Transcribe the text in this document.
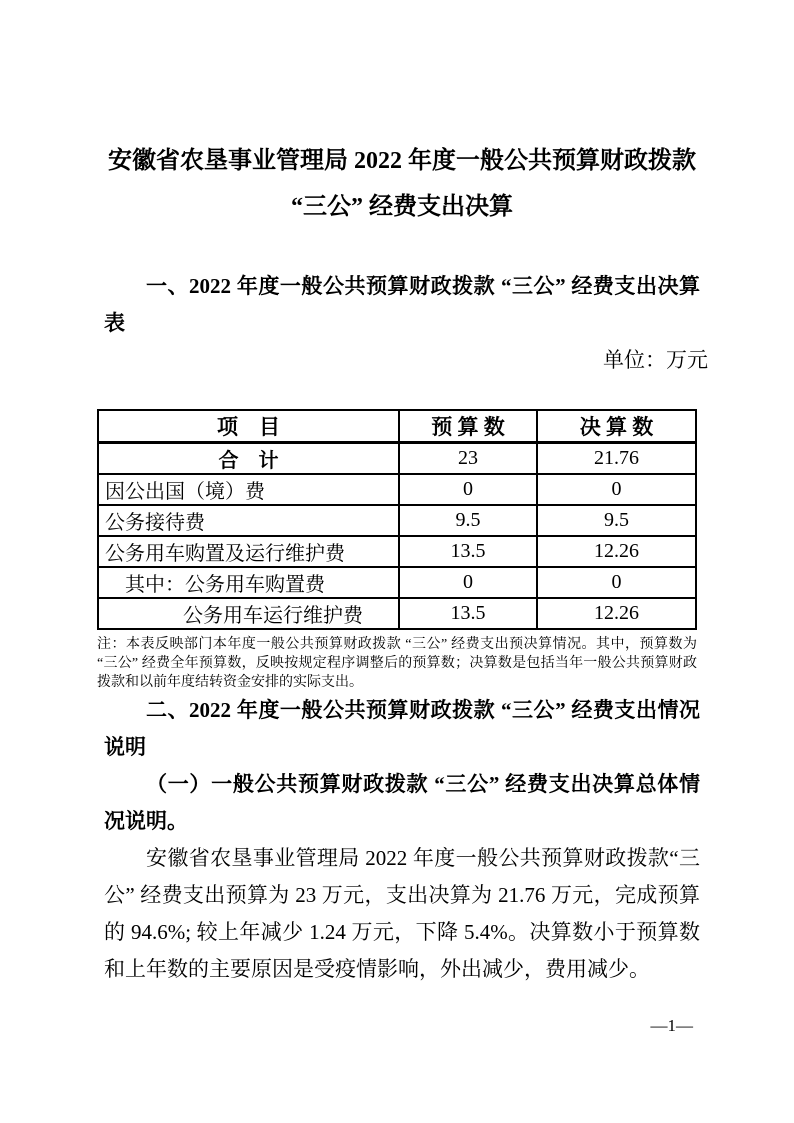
安徽省农垦事业管理局 2022 年度一般公共预算财政拨款
“三公” 经费支出决算
一、2022 年度一般公共预算财政拨款 “三公” 经费支出决算
表
单位：万元
项　目	预 算 数	决 算 数
合　计	23	21.76
因公出国（境）费	0	0
公务接待费	9.5	9.5
公务用车购置及运行维护费	13.5	12.26
其中：公务用车购置费	0	0
公务用车运行维护费	13.5	12.26
注：本表反映部门本年度一般公共预算财政拨款 “三公” 经费支出预决算情况。其中，预算数为 “三公” 经费全年预算数，反映按规定程序调整后的预算数；决算数是包括当年一般公共预算财政拨款和以前年度结转资金安排的实际支出。
二、2022 年度一般公共预算财政拨款 “三公” 经费支出情况
说明
（一）一般公共预算财政拨款 “三公” 经费支出决算总体情
况说明。
安徽省农垦事业管理局 2022 年度一般公共预算财政拨款“三
公” 经费支出预算为 23 万元，支出决算为 21.76 万元，完成预算
的 94.6%; 较上年减少 1.24 万元，下降 5.4%。决算数小于预算数
和上年数的主要原因是受疫情影响，外出减少，费用减少。
—1—
